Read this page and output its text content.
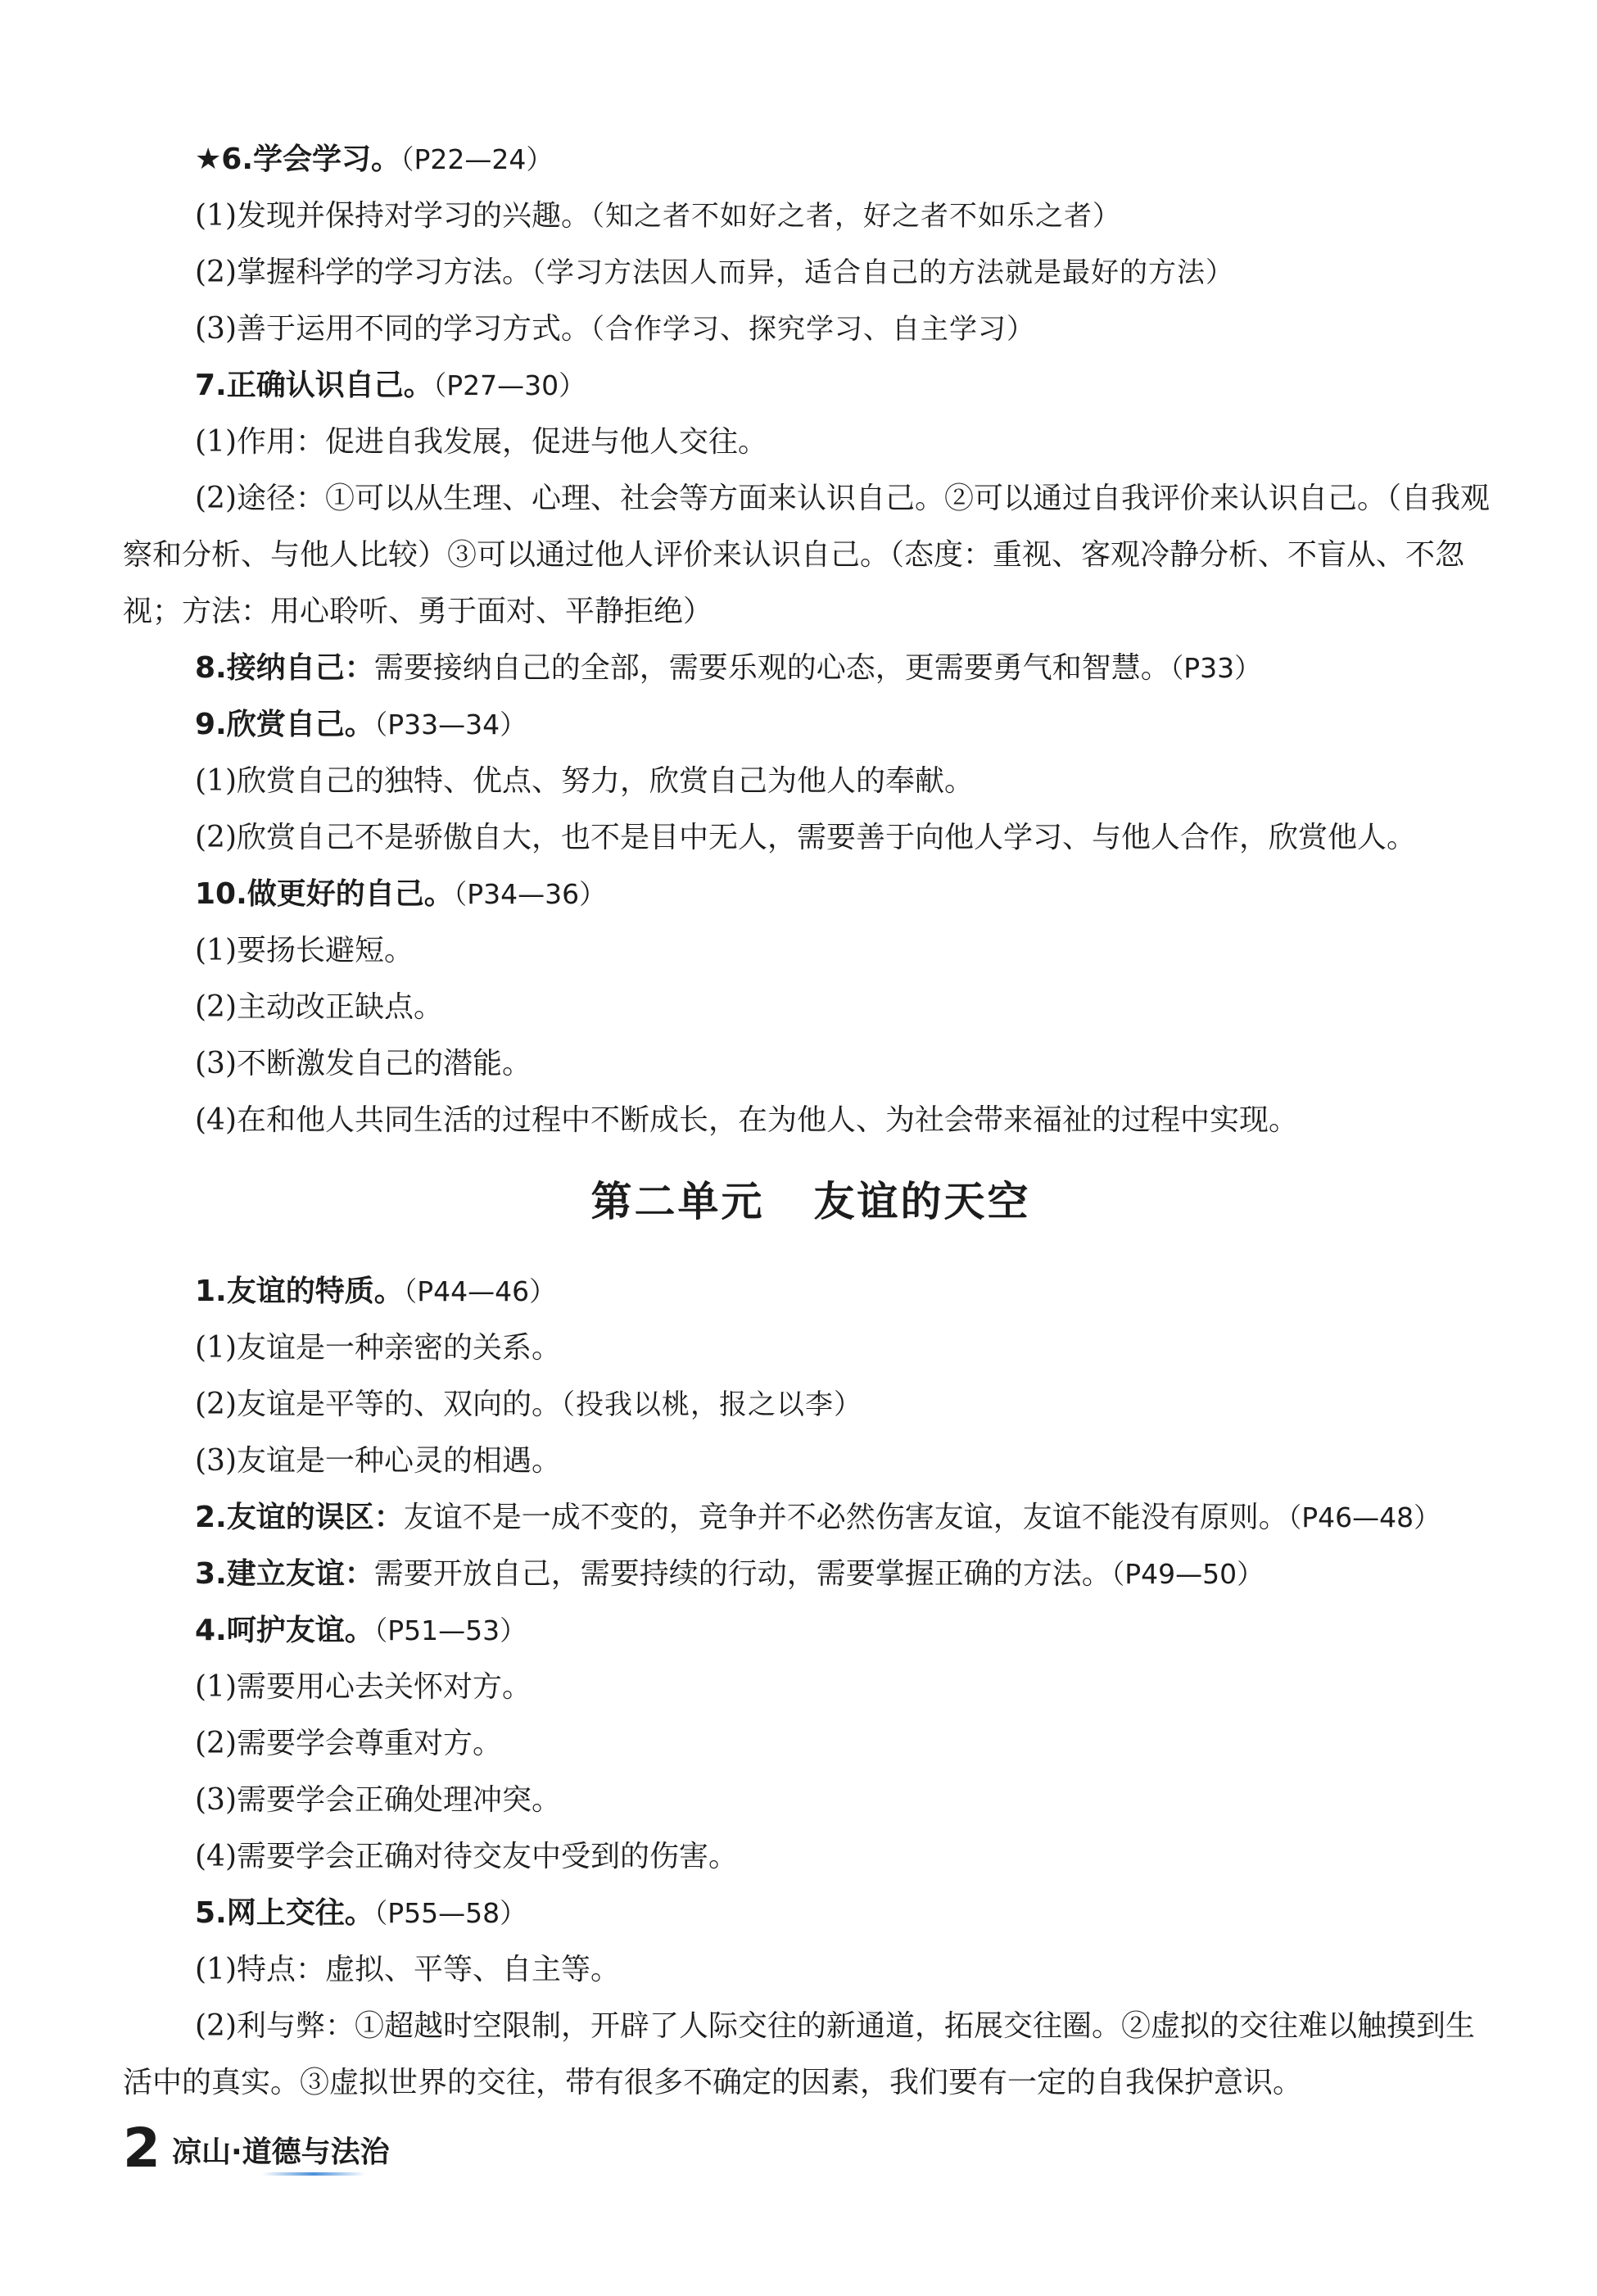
★6.学会学习。（P22—24）
(1)发现并保持对学习的兴趣。（知之者不如好之者，好之者不如乐之者）
(2)掌握科学的学习方法。（学习方法因人而异，适合自己的方法就是最好的方法）
(3)善于运用不同的学习方式。（合作学习、探究学习、自主学习）
7.正确认识自己。（P27—30）
(1)作用：促进自我发展，促进与他人交往。
(2)途径：①可以从生理、心理、社会等方面来认识自己。②可以通过自我评价来认识自己。（自我观察和分析、与他人比较）③可以通过他人评价来认识自己。（态度：重视、客观冷静分析、不盲从、不忽视；方法：用心聆听、勇于面对、平静拒绝）
8.接纳自己：需要接纳自己的全部，需要乐观的心态，更需要勇气和智慧。（P33）
9.欣赏自己。（P33—34）
(1)欣赏自己的独特、优点、努力，欣赏自己为他人的奉献。
(2)欣赏自己不是骄傲自大，也不是目中无人，需要善于向他人学习、与他人合作，欣赏他人。
10.做更好的自己。（P34—36）
(1)要扬长避短。
(2)主动改正缺点。
(3)不断激发自己的潜能。
(4)在和他人共同生活的过程中不断成长，在为他人、为社会带来福祉的过程中实现。
第二单元 友谊的天空
1.友谊的特质。（P44—46）
(1)友谊是一种亲密的关系。
(2)友谊是平等的、双向的。（投我以桃，报之以李）
(3)友谊是一种心灵的相遇。
2.友谊的误区：友谊不是一成不变的，竞争并不必然伤害友谊，友谊不能没有原则。（P46—48）
3.建立友谊：需要开放自己，需要持续的行动，需要掌握正确的方法。（P49—50）
4.呵护友谊。（P51—53）
(1)需要用心去关怀对方。
(2)需要学会尊重对方。
(3)需要学会正确处理冲突。
(4)需要学会正确对待交友中受到的伤害。
5.网上交往。（P55—58）
(1)特点：虚拟、平等、自主等。
(2)利与弊：①超越时空限制，开辟了人际交往的新通道，拓展交往圈。②虚拟的交往难以触摸到生活中的真实。③虚拟世界的交往，带有很多不确定的因素，我们要有一定的自我保护意识。
2 凉山·道德与法治
